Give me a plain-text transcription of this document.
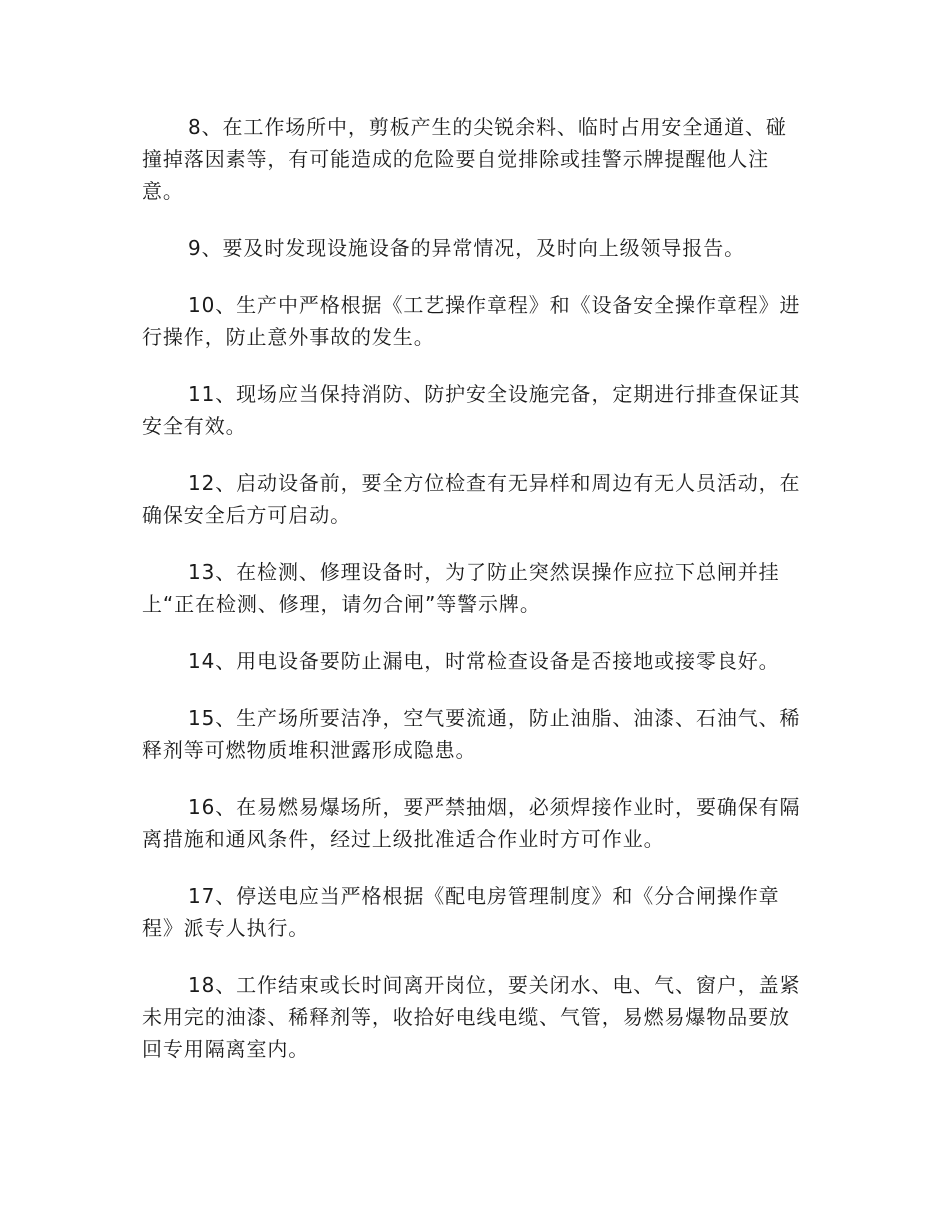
8、在工作场所中，剪板产生的尖锐余料、临时占用安全通道、碰撞掉落因素等，有可能造成的危险要自觉排除或挂警示牌提醒他人注意。

9、要及时发现设施设备的异常情况，及时向上级领导报告。

10、生产中严格根据《工艺操作章程》和《设备安全操作章程》进行操作，防止意外事故的发生。

11、现场应当保持消防、防护安全设施完备，定期进行排查保证其安全有效。

12、启动设备前，要全方位检查有无异样和周边有无人员活动，在确保安全后方可启动。

13、在检测、修理设备时，为了防止突然误操作应拉下总闸并挂上“正在检测、修理，请勿合闸”等警示牌。

14、用电设备要防止漏电，时常检查设备是否接地或接零良好。

15、生产场所要洁净，空气要流通，防止油脂、油漆、石油气、稀释剂等可燃物质堆积泄露形成隐患。

16、在易燃易爆场所，要严禁抽烟，必须焊接作业时，要确保有隔离措施和通风条件，经过上级批准适合作业时方可作业。

17、停送电应当严格根据《配电房管理制度》和《分合闸操作章程》派专人执行。

18、工作结束或长时间离开岗位，要关闭水、电、气、窗户，盖紧未用完的油漆、稀释剂等，收拾好电线电缆、气管，易燃易爆物品要放回专用隔离室内。
